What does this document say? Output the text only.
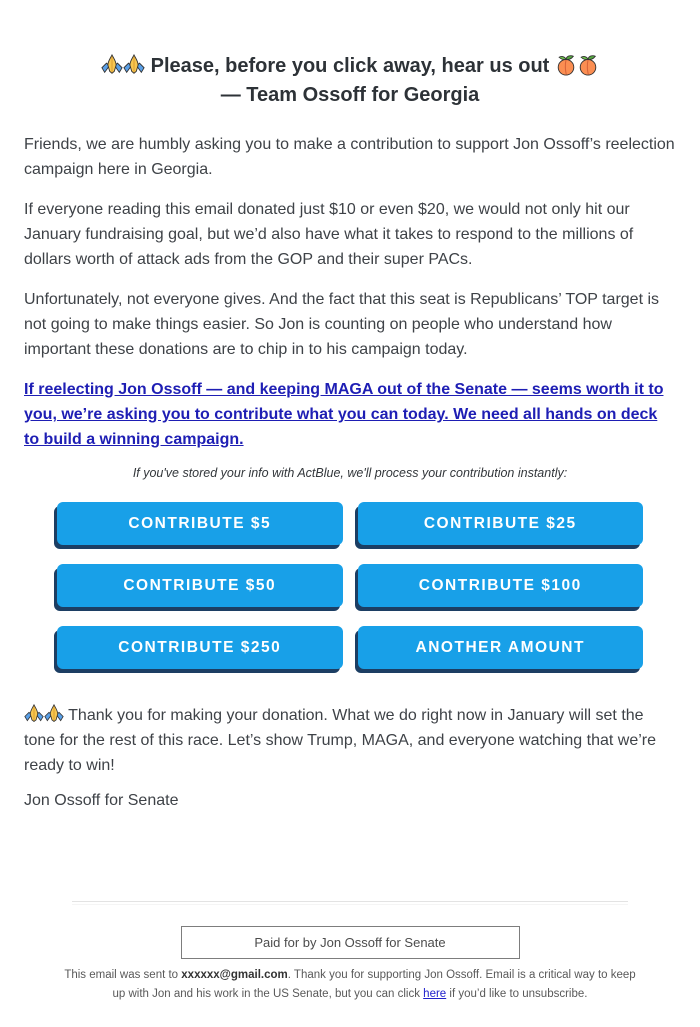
Please, before you click away, hear us out

— Team Ossoff for Georgia

Friends, we are humbly asking you to make a contribution to support Jon Ossoff’s reelection campaign here in Georgia.

If everyone reading this email donated just $10 or even $20, we would not only hit our January fundraising goal, but we’d also have what it takes to respond to the millions of dollars worth of attack ads from the GOP and their super PACs.

Unfortunately, not everyone gives. And the fact that this seat is Republicans’ TOP target is not going to make things easier. So Jon is counting on people who understand how important these donations are to chip in to his campaign today.

If reelecting Jon Ossoff — and keeping MAGA out of the Senate — seems worth it to you, we’re asking you to contribute what you can today. We need all hands on deck to build a winning campaign.

If you've stored your info with ActBlue, we'll process your contribution instantly:

CONTRIBUTE $5	CONTRIBUTE $25
CONTRIBUTE $50	CONTRIBUTE $100
CONTRIBUTE $250	ANOTHER AMOUNT

Thank you for making your donation. What we do right now in January will set the tone for the rest of this race. Let’s show Trump, MAGA, and everyone watching that we’re ready to win!

Jon Ossoff for Senate

Paid for by Jon Ossoff for Senate

This email was sent to xxxxxx@gmail.com. Thank you for supporting Jon Ossoff. Email is a critical way to keep up with Jon and his work in the US Senate, but you can click here if you’d like to unsubscribe.
